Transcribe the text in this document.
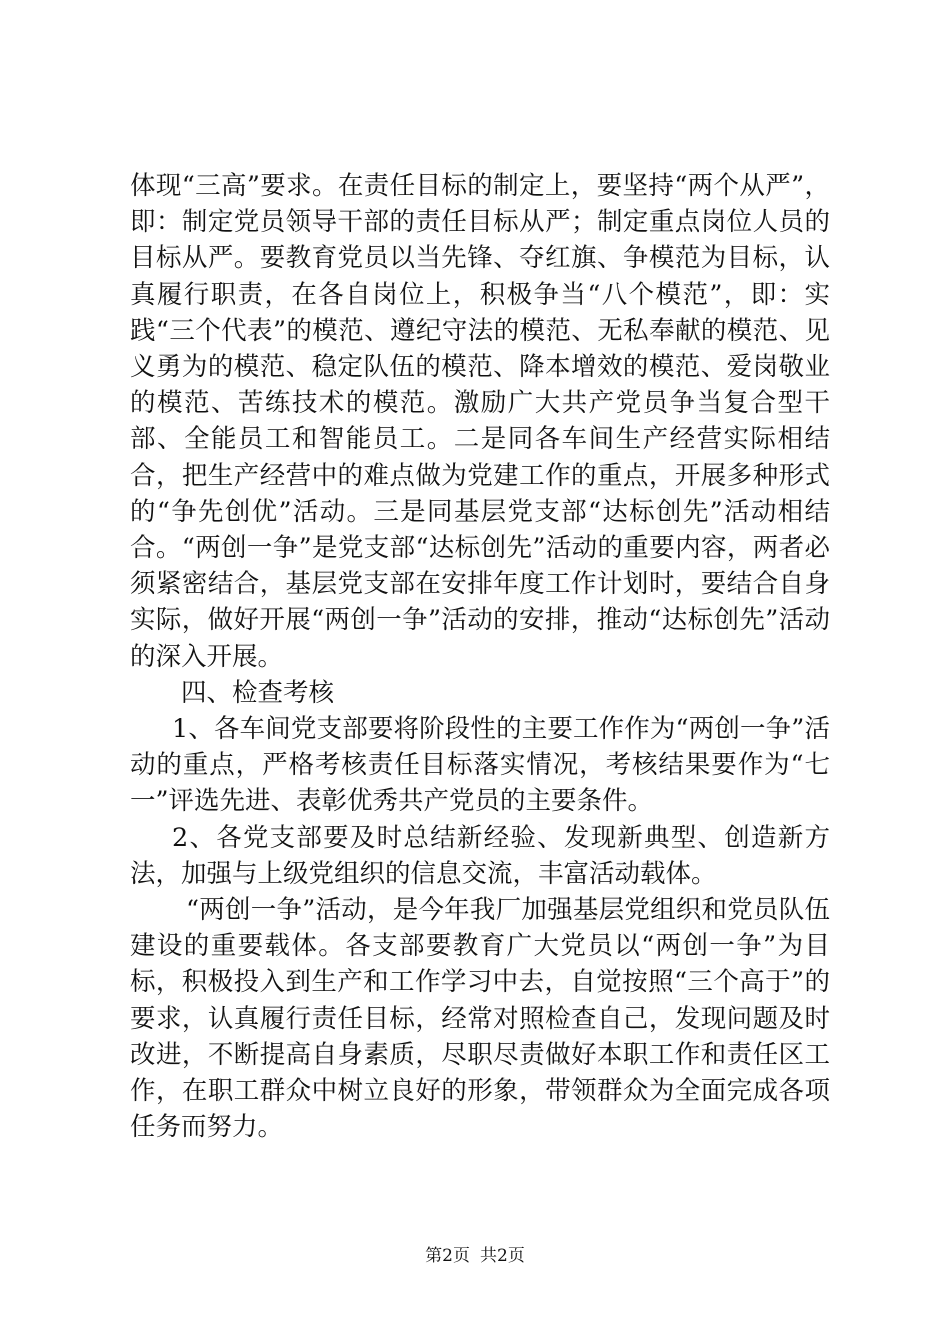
体现“三高”要求。在责任目标的制定上，要坚持“两个从严”，即：制定党员领导干部的责任目标从严；制定重点岗位人员的目标从严。要教育党员以当先锋、夺红旗、争模范为目标，认真履行职责，在各自岗位上，积极争当“八个模范”，即：实践“三个代表”的模范、遵纪守法的模范、无私奉献的模范、见义勇为的模范、稳定队伍的模范、降本增效的模范、爱岗敬业的模范、苦练技术的模范。激励广大共产党员争当复合型干部、全能员工和智能员工。二是同各车间生产经营实际相结合，把生产经营中的难点做为党建工作的重点，开展多种形式的“争先创优”活动。三是同基层党支部“达标创先”活动相结合。“两创一争”是党支部“达标创先”活动的重要内容，两者必须紧密结合，基层党支部在安排年度工作计划时，要结合自身实际，做好开展“两创一争”活动的安排，推动“达标创先”活动的深入开展。

四、检查考核

1、各车间党支部要将阶段性的主要工作作为“两创一争”活动的重点，严格考核责任目标落实情况，考核结果要作为“七一”评选先进、表彰优秀共产党员的主要条件。

2、各党支部要及时总结新经验、发现新典型、创造新方法，加强与上级党组织的信息交流，丰富活动载体。

“两创一争”活动，是今年我厂加强基层党组织和党员队伍建设的重要载体。各支部要教育广大党员以“两创一争”为目标，积极投入到生产和工作学习中去，自觉按照“三个高于”的要求，认真履行责任目标，经常对照检查自己，发现问题及时改进，不断提高自身素质，尽职尽责做好本职工作和责任区工作，在职工群众中树立良好的形象，带领群众为全面完成各项任务而努力。

第2页 共2页
